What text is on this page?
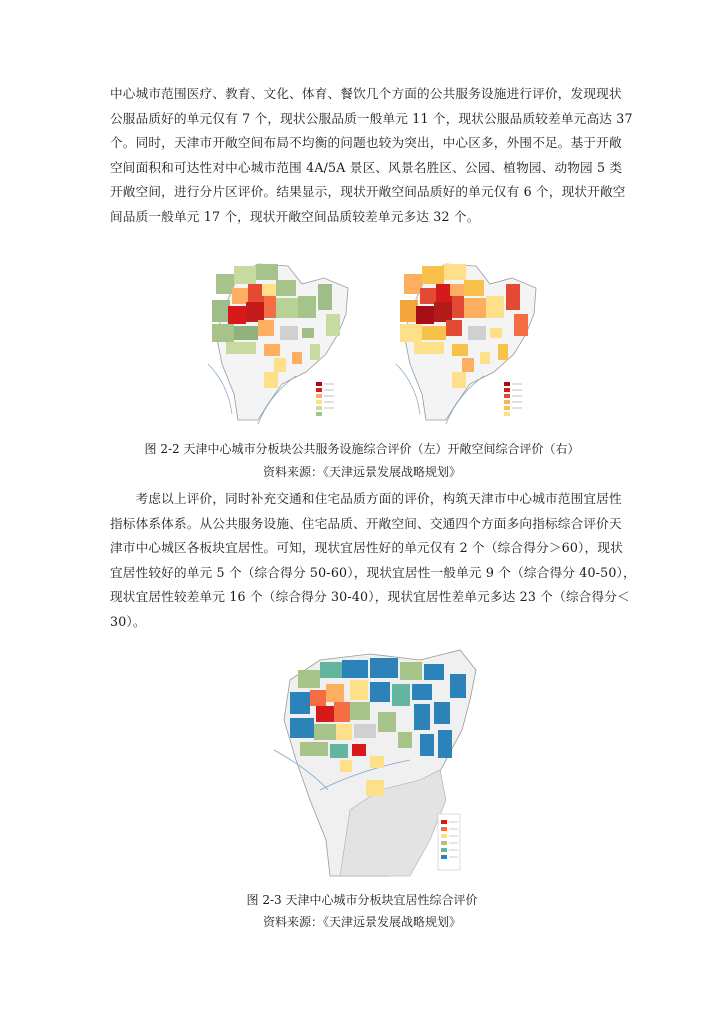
中心城市范围医疗、教育、文化、体育、餐饮几个方面的公共服务设施进行评价，发现现状
公服品质好的单元仅有 7 个，现状公服品质一般单元 11 个，现状公服品质较差单元高达 37
个。同时，天津市开敞空间布局不均衡的问题也较为突出，中心区多，外围不足。基于开敞
空间面积和可达性对中心城市范围 4A/5A 景区、风景名胜区、公园、植物园、动物园 5 类
开敞空间，进行分片区评价。结果显示，现状开敞空间品质好的单元仅有 6 个，现状开敞空
间品质一般单元 17 个，现状开敞空间品质较差单元多达 32 个。
图 2-2 天津中心城市分板块公共服务设施综合评价（左）开敞空间综合评价（右）
资料来源：《天津远景发展战略规划》
　　考虑以上评价，同时补充交通和住宅品质方面的评价，构筑天津市中心城市范围宜居性
指标体系体系。从公共服务设施、住宅品质、开敞空间、交通四个方面多向指标综合评价天
津市中心城区各板块宜居性。可知，现状宜居性好的单元仅有 2 个（综合得分＞60），现状
宜居性较好的单元 5 个（综合得分 50-60），现状宜居性一般单元 9 个（综合得分 40-50），
现状宜居性较差单元 16 个（综合得分 30-40），现状宜居性差单元多达 23 个（综合得分＜
30）。
图 2-3 天津中心城市分板块宜居性综合评价
资料来源：《天津远景发展战略规划》
